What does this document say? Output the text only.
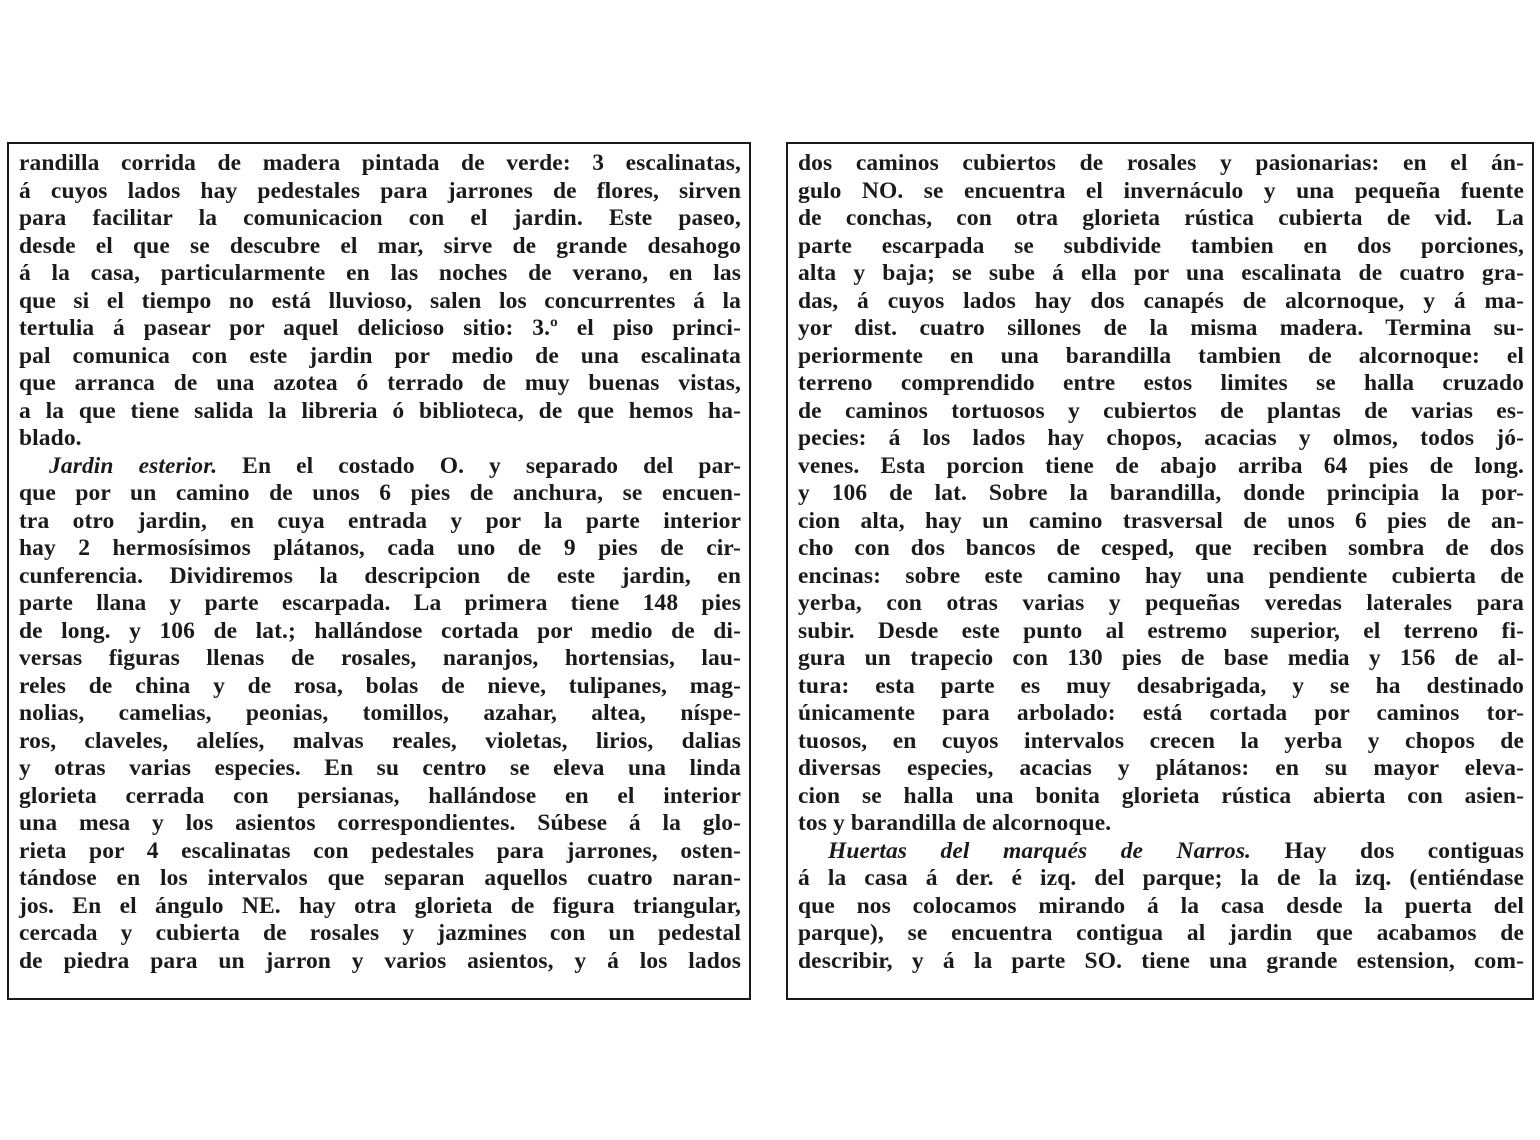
randilla corrida de madera pintada de verde: 3 escalinatas,
á cuyos lados hay pedestales para jarrones de flores, sirven
para facilitar la comunicacion con el jardin. Este paseo,
desde el que se descubre el mar, sirve de grande desahogo
á la casa, particularmente en las noches de verano, en las
que si el tiempo no está lluvioso, salen los concurrentes á la
tertulia á pasear por aquel delicioso sitio: 3.º el piso princi-
pal comunica con este jardin por medio de una escalinata
que arranca de una azotea ó terrado de muy buenas vistas,
a la que tiene salida la libreria ó biblioteca, de que hemos ha-
blado.
Jardin esterior. En el costado O. y separado del par-
que por un camino de unos 6 pies de anchura, se encuen-
tra otro jardin, en cuya entrada y por la parte interior
hay 2 hermosísimos plátanos, cada uno de 9 pies de cir-
cunferencia. Dividiremos la descripcion de este jardin, en
parte llana y parte escarpada. La primera tiene 148 pies
de long. y 106 de lat.; hallándose cortada por medio de di-
versas figuras llenas de rosales, naranjos, hortensias, lau-
reles de china y de rosa, bolas de nieve, tulipanes, mag-
nolias, camelias, peonias, tomillos, azahar, altea, níspe-
ros, claveles, alelíes, malvas reales, violetas, lirios, dalias
y otras varias especies. En su centro se eleva una linda
glorieta cerrada con persianas, hallándose en el interior
una mesa y los asientos correspondientes. Súbese á la glo-
rieta por 4 escalinatas con pedestales para jarrones, osten-
tándose en los intervalos que separan aquellos cuatro naran-
jos. En el ángulo NE. hay otra glorieta de figura triangular,
cercada y cubierta de rosales y jazmines con un pedestal
de piedra para un jarron y varios asientos, y á los lados
dos caminos cubiertos de rosales y pasionarias: en el án-
gulo NO. se encuentra el invernáculo y una pequeña fuente
de conchas, con otra glorieta rústica cubierta de vid. La
parte escarpada se subdivide tambien en dos porciones,
alta y baja; se sube á ella por una escalinata de cuatro gra-
das, á cuyos lados hay dos canapés de alcornoque, y á ma-
yor dist. cuatro sillones de la misma madera. Termina su-
periormente en una barandilla tambien de alcornoque: el
terreno comprendido entre estos limites se halla cruzado
de caminos tortuosos y cubiertos de plantas de varias es-
pecies: á los lados hay chopos, acacias y olmos, todos jó-
venes. Esta porcion tiene de abajo arriba 64 pies de long.
y 106 de lat. Sobre la barandilla, donde principia la por-
cion alta, hay un camino trasversal de unos 6 pies de an-
cho con dos bancos de cesped, que reciben sombra de dos
encinas: sobre este camino hay una pendiente cubierta de
yerba, con otras varias y pequeñas veredas laterales para
subir. Desde este punto al estremo superior, el terreno fi-
gura un trapecio con 130 pies de base media y 156 de al-
tura: esta parte es muy desabrigada, y se ha destinado
únicamente para arbolado: está cortada por caminos tor-
tuosos, en cuyos intervalos crecen la yerba y chopos de
diversas especies, acacias y plátanos: en su mayor eleva-
cion se halla una bonita glorieta rústica abierta con asien-
tos y barandilla de alcornoque.
Huertas del marqués de Narros. Hay dos contiguas
á la casa á der. é izq. del parque; la de la izq. (entiéndase
que nos colocamos mirando á la casa desde la puerta del
parque), se encuentra contigua al jardin que acabamos de
describir, y á la parte SO. tiene una grande estension, com-
